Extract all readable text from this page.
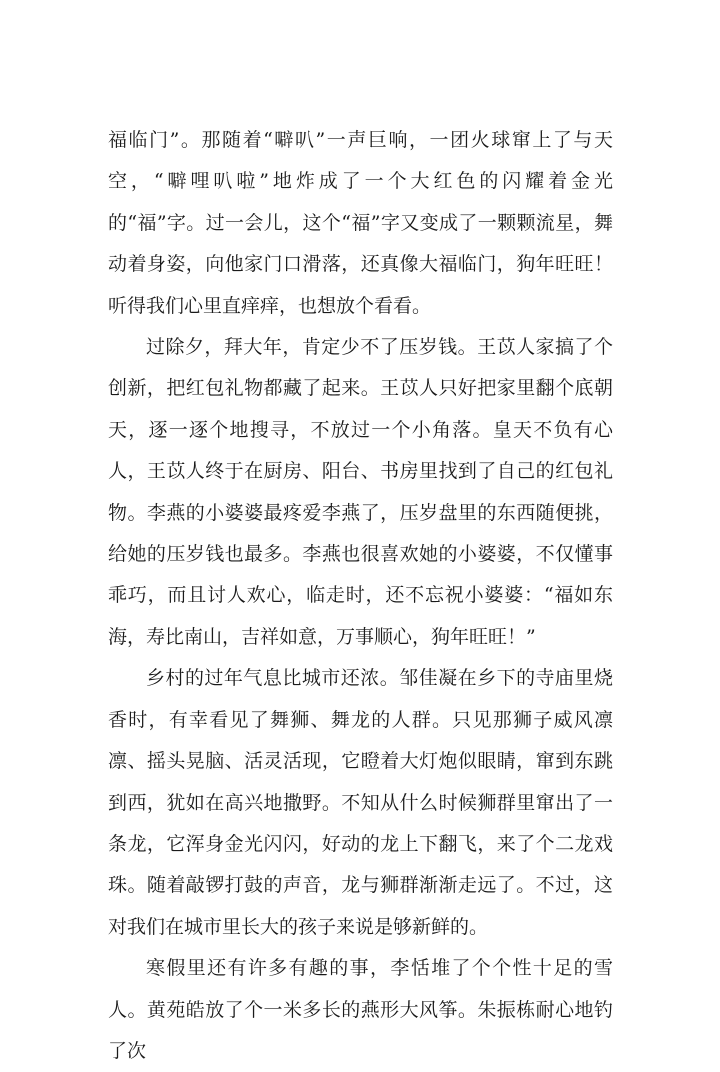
福临门”。那随着“噼叭”一声巨响，一团火球窜上了与天空，“噼哩叭啦”地炸成了一个大红色的闪耀着金光的“福”字。过一会儿，这个“福”字又变成了一颗颗流星，舞动着身姿，向他家门口滑落，还真像大福临门，狗年旺旺！听得我们心里直痒痒，也想放个看看。

过除夕，拜大年，肯定少不了压岁钱。王苡人家搞了个创新，把红包礼物都藏了起来。王苡人只好把家里翻个底朝天，逐一逐个地搜寻，不放过一个小角落。皇天不负有心人，王苡人终于在厨房、阳台、书房里找到了自己的红包礼物。李燕的小婆婆最疼爱李燕了，压岁盘里的东西随便挑，给她的压岁钱也最多。李燕也很喜欢她的小婆婆，不仅懂事乖巧，而且讨人欢心，临走时，还不忘祝小婆婆：“福如东海，寿比南山，吉祥如意，万事顺心，狗年旺旺！”

乡村的过年气息比城市还浓。邹佳凝在乡下的寺庙里烧香时，有幸看见了舞狮、舞龙的人群。只见那狮子威风凛凛、摇头晃脑、活灵活现，它瞪着大灯炮似眼睛，窜到东跳到西，犹如在高兴地撒野。不知从什么时候狮群里窜出了一条龙，它浑身金光闪闪，好动的龙上下翻飞，来了个二龙戏珠。随着敲锣打鼓的声音，龙与狮群渐渐走远了。不过，这对我们在城市里长大的孩子来说是够新鲜的。

寒假里还有许多有趣的事，李恬堆了个个性十足的雪人。黄苑皓放了个一米多长的燕形大风筝。朱振栋耐心地钓了次
